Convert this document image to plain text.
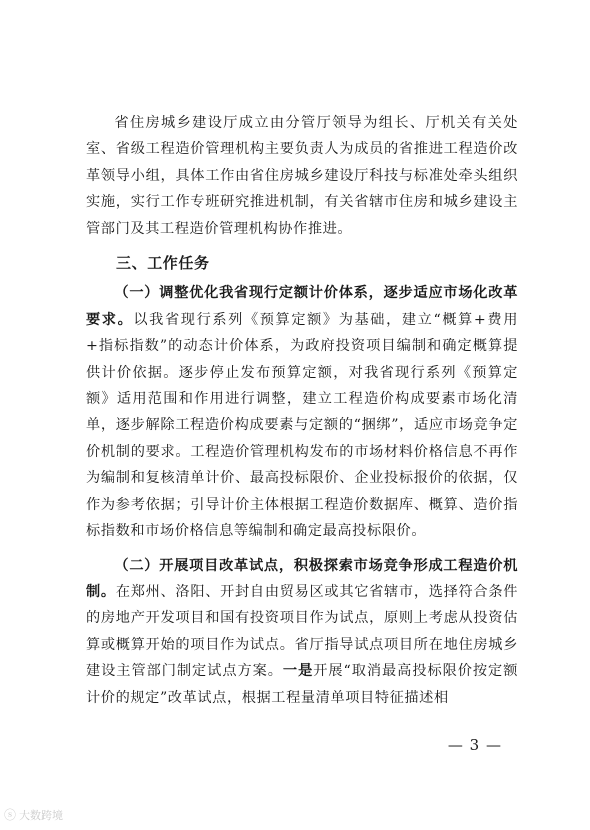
省住房城乡建设厅成立由分管厅领导为组长、厅机关有关处室、省级工程造价管理机构主要负责人为成员的省推进工程造价改革领导小组，具体工作由省住房城乡建设厅科技与标准处牵头组织实施，实行工作专班研究推进机制，有关省辖市住房和城乡建设主管部门及其工程造价管理机构协作推进。

三、工作任务

（一）调整优化我省现行定额计价体系，逐步适应市场化改革要求。以我省现行系列《预算定额》为基础，建立“概算+费用+指标指数”的动态计价体系，为政府投资项目编制和确定概算提供计价依据。逐步停止发布预算定额，对我省现行系列《预算定额》适用范围和作用进行调整，建立工程造价构成要素市场化清单，逐步解除工程造价构成要素与定额的“捆绑”，适应市场竞争定价机制的要求。工程造价管理机构发布的市场材料价格信息不再作为编制和复核清单计价、最高投标限价、企业投标报价的依据，仅作为参考依据；引导计价主体根据工程造价数据库、概算、造价指标指数和市场价格信息等编制和确定最高投标限价。

（二）开展项目改革试点，积极探索市场竞争形成工程造价机制。在郑州、洛阳、开封自由贸易区或其它省辖市，选择符合条件的房地产开发项目和国有投资项目作为试点，原则上考虑从投资估算或概算开始的项目作为试点。省厅指导试点项目所在地住房城乡建设主管部门制定试点方案。一是开展“取消最高投标限价按定额计价的规定”改革试点，根据工程量清单项目特征描述相

— 3 —
ⓢ 大数跨境
